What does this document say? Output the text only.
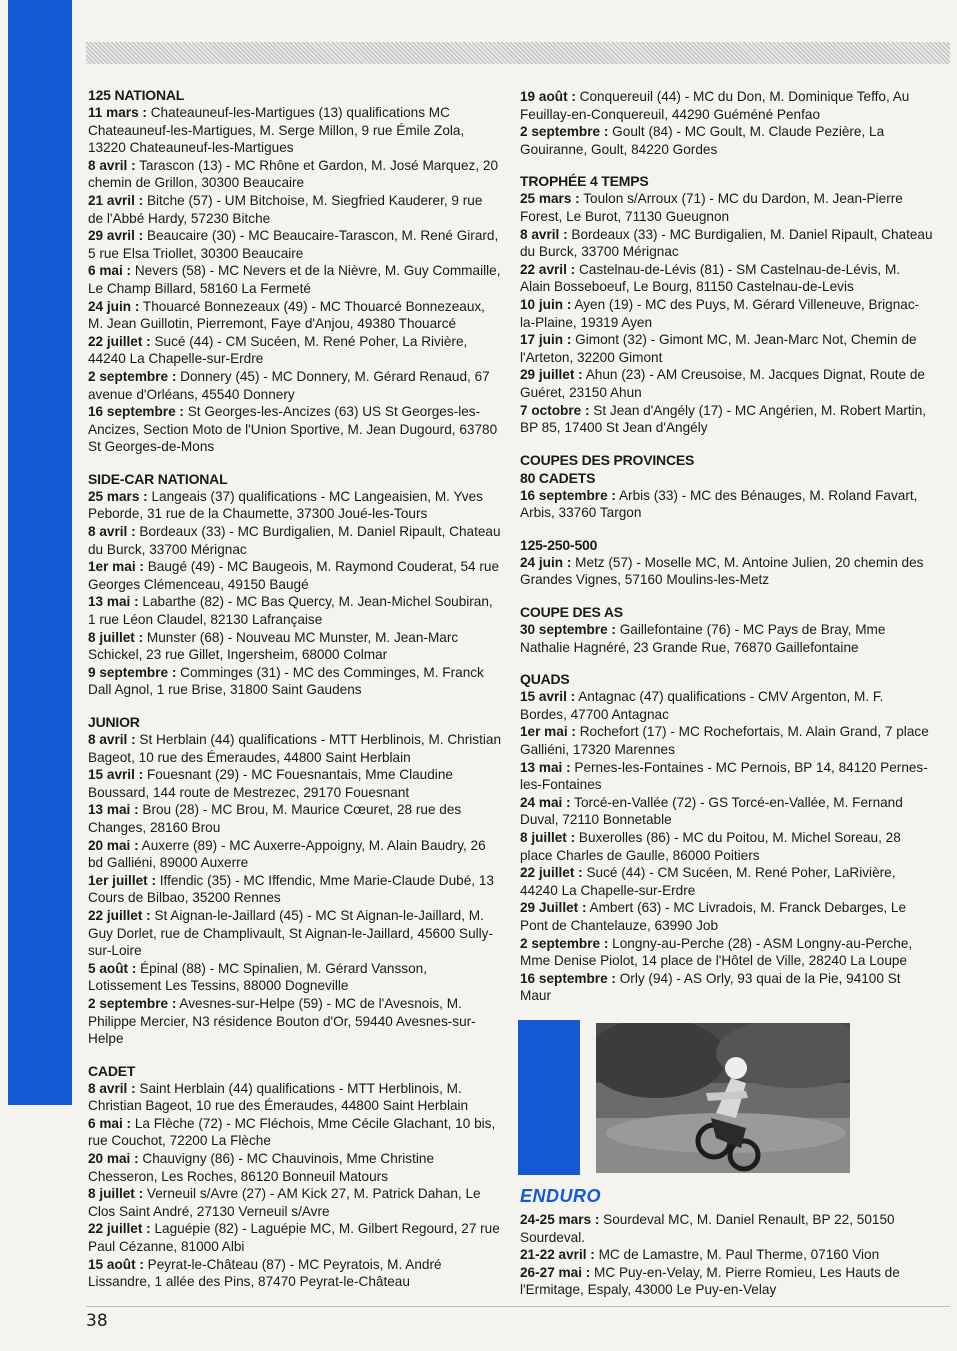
125 NATIONAL
11 mars : Chateauneuf-les-Martigues (13) qualifications MC Chateauneuf-les-Martigues, M. Serge Millon, 9 rue Émile Zola, 13220 Chateauneuf-les-Martigues
8 avril : Tarascon (13) - MC Rhône et Gardon, M. José Marquez, 20 chemin de Grillon, 30300 Beaucaire
21 avril : Bitche (57) - UM Bitchoise, M. Siegfried Kauderer, 9 rue de l'Abbé Hardy, 57230 Bitche
29 avril : Beaucaire (30) - MC Beaucaire-Tarascon, M. René Girard, 5 rue Elsa Triollet, 30300 Beaucaire
6 mai : Nevers (58) - MC Nevers et de la Nièvre, M. Guy Commaille, Le Champ Billard, 58160 La Fermeté
24 juin : Thouarcé Bonnezeaux (49) - MC Thouarcé Bonnezeaux, M. Jean Guillotin, Pierremont, Faye d'Anjou, 49380 Thouarcé
22 juillet : Sucé (44) - CM Sucéen, M. René Poher, La Rivière, 44240 La Chapelle-sur-Erdre
2 septembre : Donnery (45) - MC Donnery, M. Gérard Renaud, 67 avenue d'Orléans, 45540 Donnery
16 septembre : St Georges-les-Ancizes (63) US St Georges-les-Ancizes, Section Moto de l'Union Sportive, M. Jean Dugourd, 63780 St Georges-de-Mons
SIDE-CAR NATIONAL
25 mars : Langeais (37) qualifications - MC Langeaisien, M. Yves Peborde, 31 rue de la Chaumette, 37300 Joué-les-Tours
8 avril : Bordeaux (33) - MC Burdigalien, M. Daniel Ripault, Chateau du Burck, 33700 Mérignac
1er mai : Baugé (49) - MC Baugeois, M. Raymond Couderat, 54 rue Georges Clémenceau, 49150 Baugé
13 mai : Labarthe (82) - MC Bas Quercy, M. Jean-Michel Soubiran, 1 rue Léon Claudel, 82130 Lafrançaise
8 juillet : Munster (68) - Nouveau MC Munster, M. Jean-Marc Schickel, 23 rue Gillet, Ingersheim, 68000 Colmar
9 septembre : Comminges (31) - MC des Comminges, M. Franck Dall Agnol, 1 rue Brise, 31800 Saint Gaudens
JUNIOR
8 avril : St Herblain (44) qualifications - MTT Herblinois, M. Christian Bageot, 10 rue des Émeraudes, 44800 Saint Herblain
15 avril : Fouesnant (29) - MC Fouesnantais, Mme Claudine Boussard, 144 route de Mestrezec, 29170 Fouesnant
13 mai : Brou (28) - MC Brou, M. Maurice Cœuret, 28 rue des Changes, 28160 Brou
20 mai : Auxerre (89) - MC Auxerre-Appoigny, M. Alain Baudry, 26 bd Galliéni, 89000 Auxerre
1er juillet : Iffendic (35) - MC Iffendic, Mme Marie-Claude Dubé, 13 Cours de Bilbao, 35200 Rennes
22 juillet : St Aignan-le-Jaillard (45) - MC St Aignan-le-Jaillard, M. Guy Dorlet, rue de Champlivault, St Aignan-le-Jaillard, 45600 Sully-sur-Loire
5 août : Épinal (88) - MC Spinalien, M. Gérard Vansson, Lotissement Les Tessins, 88000 Dogneville
2 septembre : Avesnes-sur-Helpe (59) - MC de l'Avesnois, M. Philippe Mercier, N3 résidence Bouton d'Or, 59440 Avesnes-sur-Helpe
CADET
8 avril : Saint Herblain (44) qualifications - MTT Herblinois, M. Christian Bageot, 10 rue des Émeraudes, 44800 Saint Herblain
6 mai : La Flèche (72) - MC Fléchois, Mme Cécile Glachant, 10 bis, rue Couchot, 72200 La Flèche
20 mai : Chauvigny (86) - MC Chauvinois, Mme Christine Chesseron, Les Roches, 86120 Bonneuil Matours
8 juillet : Verneuil s/Avre (27) - AM Kick 27, M. Patrick Dahan, Le Clos Saint André, 27130 Verneuil s/Avre
22 juillet : Laguépie (82) - Laguépie MC, M. Gilbert Regourd, 27 rue Paul Cézanne, 81000 Albi
15 août : Peyrat-le-Château (87) - MC Peyratois, M. André Lissandre, 1 allée des Pins, 87470 Peyrat-le-Château
19 août : Conquereuil (44) - MC du Don, M. Dominique Teffo, Au Feuillay-en-Conquereuil, 44290 Guéméné Penfao
2 septembre : Goult (84) - MC Goult, M. Claude Pezière, La Gouiranne, Goult, 84220 Gordes
TROPHÉE 4 TEMPS
25 mars : Toulon s/Arroux (71) - MC du Dardon, M. Jean-Pierre Forest, Le Burot, 71130 Gueugnon
8 avril : Bordeaux (33) - MC Burdigalien, M. Daniel Ripault, Chateau du Burck, 33700 Mérignac
22 avril : Castelnau-de-Lévis (81) - SM Castelnau-de-Lévis, M. Alain Bosseboeuf, Le Bourg, 81150 Castelnau-de-Levis
10 juin : Ayen (19) - MC des Puys, M. Gérard Villeneuve, Brignac-la-Plaine, 19319 Ayen
17 juin : Gimont (32) - Gimont MC, M. Jean-Marc Not, Chemin de l'Arteton, 32200 Gimont
29 juillet : Ahun (23) - AM Creusoise, M. Jacques Dignat, Route de Guéret, 23150 Ahun
7 octobre : St Jean d'Angély (17) - MC Angérien, M. Robert Martin, BP 85, 17400 St Jean d'Angély
COUPES DES PROVINCES
80 CADETS
16 septembre : Arbis (33) - MC des Bénauges, M. Roland Favart, Arbis, 33760 Targon
125-250-500
24 juin : Metz (57) - Moselle MC, M. Antoine Julien, 20 chemin des Grandes Vignes, 57160 Moulins-les-Metz
COUPE DES AS
30 septembre : Gaillefontaine (76) - MC Pays de Bray, Mme Nathalie Hagnéré, 23 Grande Rue, 76870 Gaillefontaine
QUADS
15 avril : Antagnac (47) qualifications - CMV Argenton, M. F. Bordes, 47700 Antagnac
1er mai : Rochefort (17) - MC Rochefortais, M. Alain Grand, 7 place Galliéni, 17320 Marennes
13 mai : Pernes-les-Fontaines - MC Pernois, BP 14, 84120 Pernes-les-Fontaines
24 mai : Torcé-en-Vallée (72) - GS Torcé-en-Vallée, M. Fernand Duval, 72110 Bonnetable
8 juillet : Buxerolles (86) - MC du Poitou, M. Michel Soreau, 28 place Charles de Gaulle, 86000 Poitiers
22 juillet : Sucé (44) - CM Sucéen, M. René Poher, LaRivière, 44240 La Chapelle-sur-Erdre
29 Juillet : Ambert (63) - MC Livradois, M. Franck Debarges, Le Pont de Chantelauze, 63990 Job
2 septembre : Longny-au-Perche (28) - ASM Longny-au-Perche, Mme Denise Piolot, 14 place de l'Hôtel de Ville, 28240 La Loupe
16 septembre : Orly (94) - AS Orly, 93 quai de la Pie, 94100 St Maur
ENDURO
24-25 mars : Sourdeval MC, M. Daniel Renault, BP 22, 50150 Sourdeval.
21-22 avril : MC de Lamastre, M. Paul Therme, 07160 Vion
26-27 mai : MC Puy-en-Velay, M. Pierre Romieu, Les Hauts de l'Ermitage, Espaly, 43000 Le Puy-en-Velay
38
